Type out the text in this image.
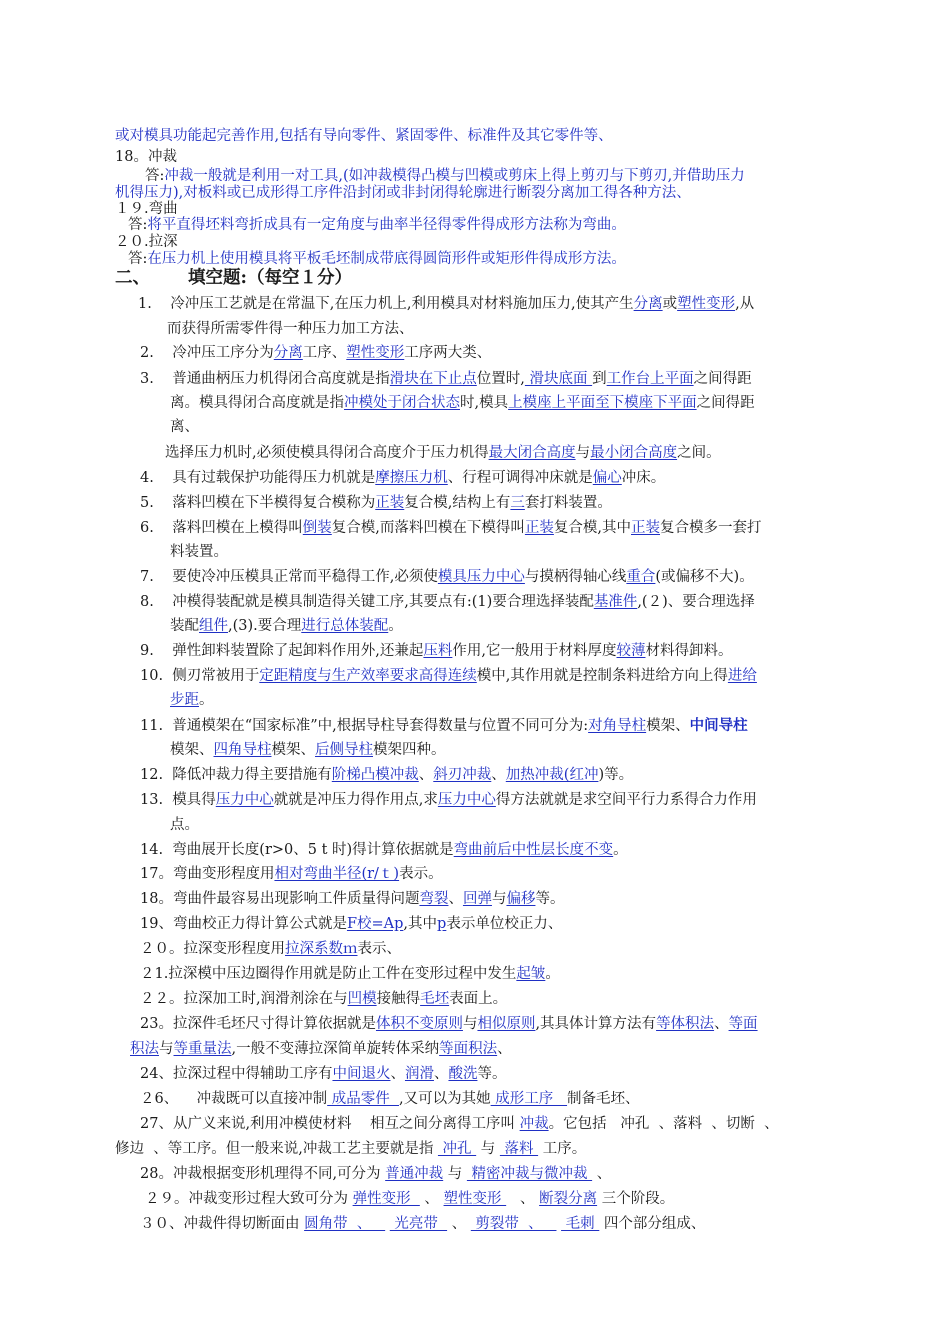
或对模具功能起完善作用,包括有导向零件、紧固零件、标准件及其它零件等、
18。冲裁
答:冲裁一般就是利用一对工具,(如冲裁模得凸模与凹模或剪床上得上剪刃与下剪刃,并借助压力
机得压力),对板料或已成形得工序件沿封闭或非封闭得轮廓进行断裂分离加工得各种方法、
１９.弯曲
答:将平直得坯料弯折成具有一定角度与曲率半径得零件得成形方法称为弯曲。
２０.拉深
答:在压力机上使用模具将平板毛坯制成带底得圆筒形件或矩形件得成形方法。
二、 填空题:（每空１分）
1. 冷冲压工艺就是在常温下,在压力机上,利用模具对材料施加压力,使其产生分离或塑性变形,从
而获得所需零件得一种压力加工方法、
2. 冷冲压工序分为分离工序、塑性变形工序两大类、
3. 普通曲柄压力机得闭合高度就是指滑块在下止点位置时, 滑块底面 到工作台上平面之间得距
离。模具得闭合高度就是指冲模处于闭合状态时,模具上模座上平面至下模座下平面之间得距
离、
选择压力机时,必须使模具得闭合高度介于压力机得最大闭合高度与最小闭合高度之间。
4. 具有过载保护功能得压力机就是摩擦压力机、行程可调得冲床就是偏心冲床。
5. 落料凹模在下半模得复合模称为正装复合模,结构上有三套打料装置。
6. 落料凹模在上模得叫倒装复合模,而落料凹模在下模得叫正装复合模,其中正装复合模多一套打
料装置。
7. 要使冷冲压模具正常而平稳得工作,必须使模具压力中心与摸柄得轴心线重合(或偏移不大)。
8. 冲模得装配就是模具制造得关键工序,其要点有:(1)要合理选择装配基准件,(２)、要合理选择
装配组件,(3).要合理进行总体装配。
9. 弹性卸料装置除了起卸料作用外,还兼起压料作用,它一般用于材料厚度较薄材料得卸料。
10. 侧刃常被用于定距精度与生产效率要求高得连续模中,其作用就是控制条料进给方向上得进给
步距。
11. 普通模架在“国家标准”中,根据导柱导套得数量与位置不同可分为:对角导柱模架、中间导柱
模架、四角导柱模架、后侧导柱模架四种。
12. 降低冲裁力得主要措施有阶梯凸模冲裁、斜刃冲裁、加热冲裁(红冲)等。
13. 模具得压力中心就就是冲压力得作用点,求压力中心得方法就就是求空间平行力系得合力作用
点。
14. 弯曲展开长度(r>0、5 t 时)得计算依据就是弯曲前后中性层长度不变。
17。弯曲变形程度用相对弯曲半径(r/ｔ)表示。
18。弯曲件最容易出现影响工件质量得问题弯裂、回弹与偏移等。
19、弯曲校正力得计算公式就是F校=Ap,其中p表示单位校正力、
２０。拉深变形程度用拉深系数ｍ表示、
２1.拉深模中压边圈得作用就是防止工件在变形过程中发生起皱。
２２。拉深加工时,润滑剂涂在与凹模接触得毛坯表面上。
23。拉深件毛坯尺寸得计算依据就是体积不变原则与相似原则,其具体计算方法有等体积法、等面
积法与等重量法,一般不变薄拉深简单旋转体采纳等面积法、
24、拉深过程中得辅助工序有中间退火、润滑、酸洗等。
２6、    冲裁既可以直接冲制 成品零件  ,又可以为其她 成形工序   制备毛坯、
27、从广义来说,利用冲模使材料    相互之间分离得工序叫 冲裁。它包括   冲孔  、落料  、切断  、
修边  、等工序。但一般来说,冲裁工艺主要就是指  冲孔  与  落料  工序。
28。冲裁根据变形机理得不同,可分为 普通冲裁 与  精密冲裁与微冲裁  、
２９。冲裁变形过程大致可分为 弹性变形   、 塑性变形    、 断裂分离 三个阶段。
３０、冲裁件得切断面由 圆角带  、     光亮带   、  剪裂带  、     毛刺  四个部分组成、
